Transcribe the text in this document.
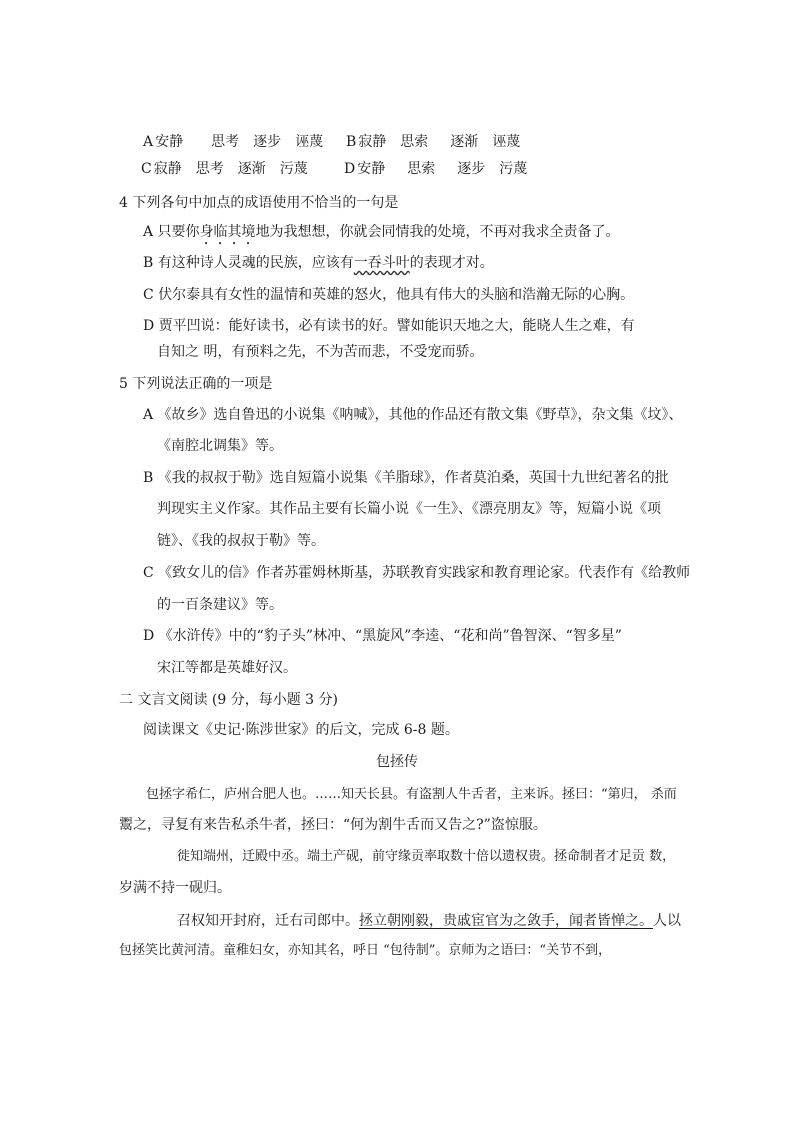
A 安静 思考 逐步 诬蔑	B 寂静 思索 逐渐 诬蔑
C 寂静 思考 逐渐 污蔑	D 安静 思索 逐步 污蔑
4 下列各句中加点的成语使用不恰当的一句是
A 只要你身临其境地为我想想，你就会同情我的处境，不再对我求全责备了。
B 有这种诗人灵魂的民族，应该有一吞斗叶的表现才对。
C 伏尔泰具有女性的温情和英雄的怒火，他具有伟大的头脑和浩瀚无际的心胸。
D 贾平凹说：能好读书，必有读书的好。譬如能识天地之大，能晓人生之难，有
自知之 明，有预料之先，不为苦而悲，不受宠而骄。
5 下列说法正确的一项是
A 《故乡》选自鲁迅的小说集《呐喊》，其他的作品还有散文集《野草》，杂文集《坟》、
《南腔北调集》等。
B 《我的叔叔于勒》选自短篇小说集《羊脂球》，作者莫泊桑，英国十九世纪著名的批
判现实主义作家。其作品主要有长篇小说《一生》、《漂亮朋友》等，短篇小说《项
链》、《我的叔叔于勒》等。
C 《致女儿的信》作者苏霍姆林斯基，苏联教育实践家和教育理论家。代表作有《给教师
的一百条建议》等。
D 《水浒传》中的“豹子头”林冲、“黑旋风”李逵、“花和尚”鲁智深、“智多星”
宋江等都是英雄好汉。
二 文言文阅读 (9 分，每小题 3 分)
阅读课文《史记·陈涉世家》的后文，完成 6-8 题。
包拯传
包拯字希仁，庐州合肥人也。……知天长县。有盗割人牛舌者，主来诉。拯曰：“第归， 杀而
鬻之，寻复有来告私杀牛者，拯曰：“何为割牛舌而又告之?”盗惊服。
徙知端州，迁殿中丞。端土产砚，前守缘贡率取数十倍以遗权贵。拯命制者才足贡 数，
岁满不持一砚归。
召权知开封府，迁右司郎中。拯立朝刚毅，贵戚宦官为之敛手，闻者皆惮之。人以
包拯笑比黄河清。童稚妇女，亦知其名，呼日 “包待制”。京师为之语曰：“关节不到，
